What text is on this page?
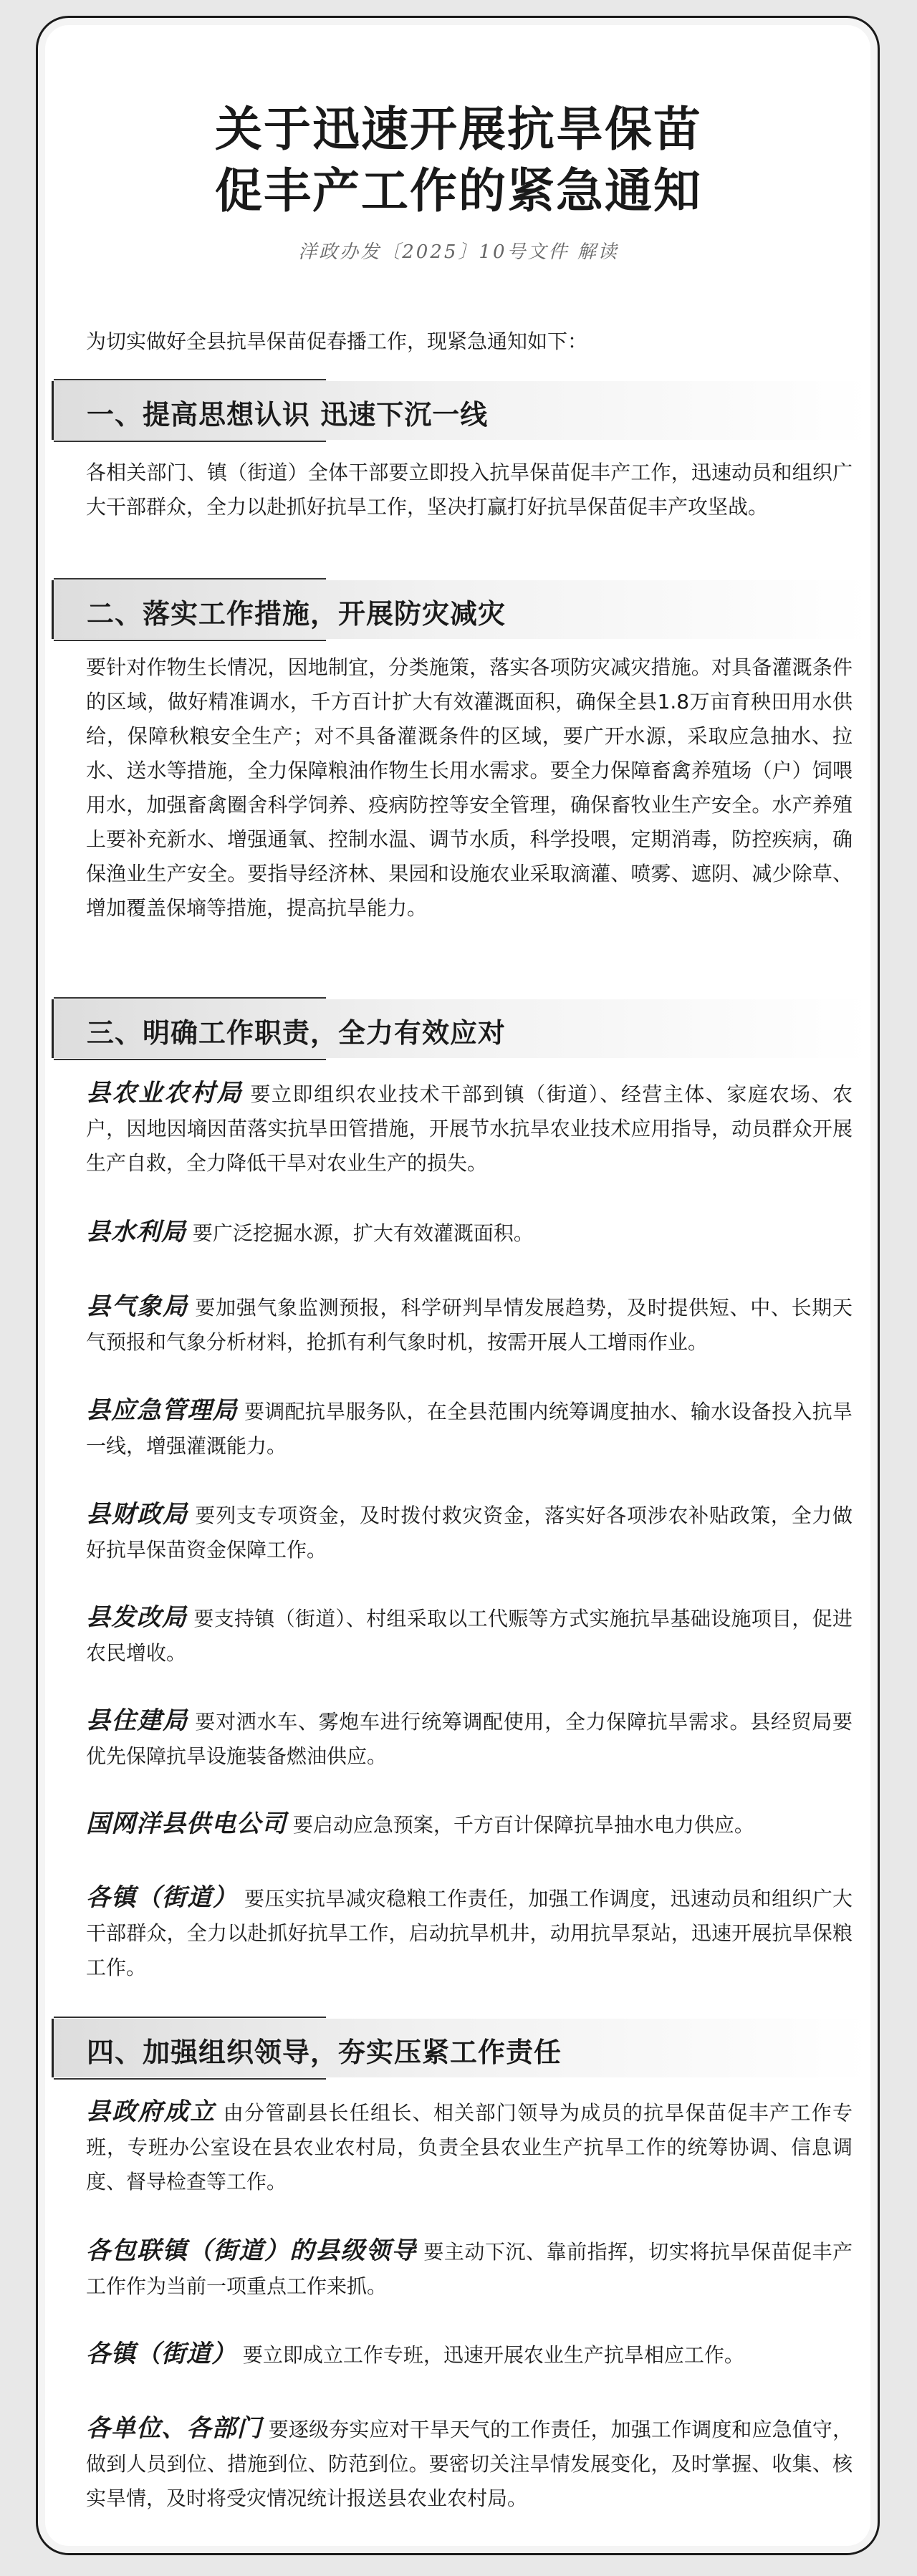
关于迅速开展抗旱保苗
促丰产工作的紧急通知
洋政办发〔2025〕10号文件 解读
为切实做好全县抗旱保苗促春播工作，现紧急通知如下：
一、提高思想认识 迅速下沉一线
各相关部门、镇（街道）全体干部要立即投入抗旱保苗促丰产工作，迅速动员和组织广大干部群众，全力以赴抓好抗旱工作，坚决打赢打好抗旱保苗促丰产攻坚战。
二、落实工作措施，开展防灾减灾
要针对作物生长情况，因地制宜，分类施策，落实各项防灾减灾措施。对具备灌溉条件的区域，做好精准调水，千方百计扩大有效灌溉面积，确保全县1.8万亩育秧田用水供给，保障秋粮安全生产；对不具备灌溉条件的区域，要广开水源，采取应急抽水、拉水、送水等措施，全力保障粮油作物生长用水需求。要全力保障畜禽养殖场（户）饲喂用水，加强畜禽圈舍科学饲养、疫病防控等安全管理，确保畜牧业生产安全。水产养殖上要补充新水、增强通氧、控制水温、调节水质，科学投喂，定期消毒，防控疾病，确保渔业生产安全。要指导经济林、果园和设施农业采取滴灌、喷雾、遮阴、减少除草、增加覆盖保墒等措施，提高抗旱能力。
三、明确工作职责，全力有效应对
县农业农村局 要立即组织农业技术干部到镇（街道）、经营主体、家庭农场、农户，因地因墒因苗落实抗旱田管措施，开展节水抗旱农业技术应用指导，动员群众开展生产自救，全力降低干旱对农业生产的损失。
县水利局 要广泛挖掘水源，扩大有效灌溉面积。
县气象局 要加强气象监测预报，科学研判旱情发展趋势，及时提供短、中、长期天气预报和气象分析材料，抢抓有利气象时机，按需开展人工增雨作业。
县应急管理局 要调配抗旱服务队，在全县范围内统筹调度抽水、输水设备投入抗旱一线，增强灌溉能力。
县财政局 要列支专项资金，及时拨付救灾资金，落实好各项涉农补贴政策，全力做好抗旱保苗资金保障工作。
县发改局 要支持镇（街道）、村组采取以工代赈等方式实施抗旱基础设施项目，促进农民增收。
县住建局 要对洒水车、雾炮车进行统筹调配使用，全力保障抗旱需求。县经贸局要优先保障抗旱设施装备燃油供应。
国网洋县供电公司 要启动应急预案，千方百计保障抗旱抽水电力供应。
各镇（街道） 要压实抗旱减灾稳粮工作责任，加强工作调度，迅速动员和组织广大干部群众，全力以赴抓好抗旱工作，启动抗旱机井，动用抗旱泵站，迅速开展抗旱保粮工作。
四、加强组织领导，夯实压紧工作责任
县政府成立 由分管副县长任组长、相关部门领导为成员的抗旱保苗促丰产工作专班，专班办公室设在县农业农村局，负责全县农业生产抗旱工作的统筹协调、信息调度、督导检查等工作。
各包联镇（街道）的县级领导 要主动下沉、靠前指挥，切实将抗旱保苗促丰产工作作为当前一项重点工作来抓。
各镇（街道） 要立即成立工作专班，迅速开展农业生产抗旱相应工作。
各单位、各部门 要逐级夯实应对干旱天气的工作责任，加强工作调度和应急值守，做到人员到位、措施到位、防范到位。要密切关注旱情发展变化，及时掌握、收集、核实旱情，及时将受灾情况统计报送县农业农村局。
